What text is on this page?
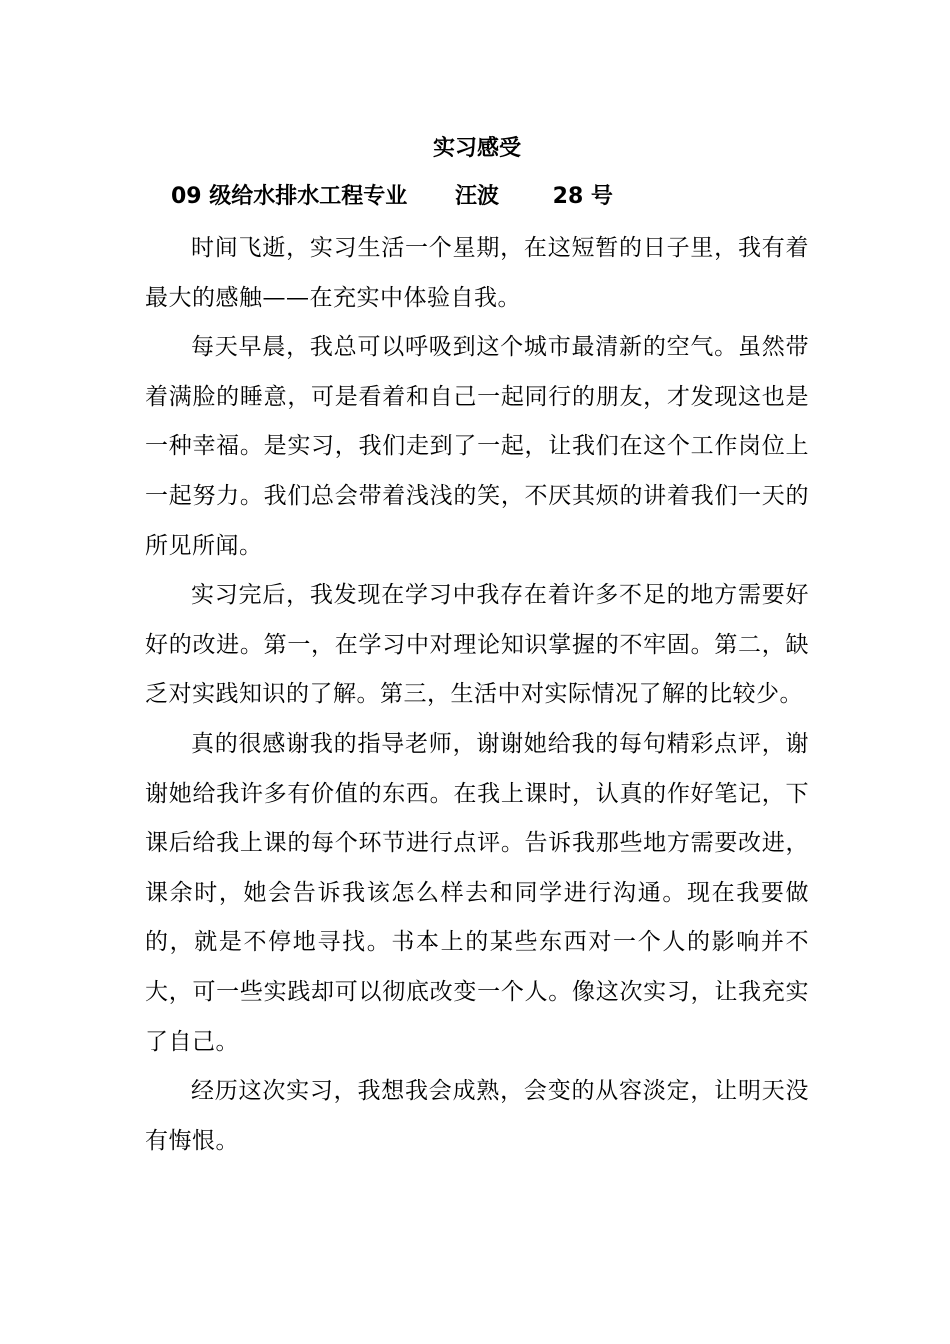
实习感受
09 级给水排水工程专业 汪波 28 号

时间飞逝，实习生活一个星期，在这短暂的日子里，我有着最大的感触——在充实中体验自我。

每天早晨，我总可以呼吸到这个城市最清新的空气。虽然带着满脸的睡意，可是看着和自己一起同行的朋友，才发现这也是一种幸福。是实习，我们走到了一起，让我们在这个工作岗位上一起努力。我们总会带着浅浅的笑，不厌其烦的讲着我们一天的所见所闻。

实习完后，我发现在学习中我存在着许多不足的地方需要好好的改进。第一，在学习中对理论知识掌握的不牢固。第二，缺乏对实践知识的了解。第三，生活中对实际情况了解的比较少。

真的很感谢我的指导老师，谢谢她给我的每句精彩点评，谢谢她给我许多有价值的东西。在我上课时，认真的作好笔记，下课后给我上课的每个环节进行点评。告诉我那些地方需要改进，课余时，她会告诉我该怎么样去和同学进行沟通。现在我要做的，就是不停地寻找。书本上的某些东西对一个人的影响并不大，可一些实践却可以彻底改变一个人。像这次实习，让我充实了自己。

经历这次实习，我想我会成熟，会变的从容淡定，让明天没有悔恨。
